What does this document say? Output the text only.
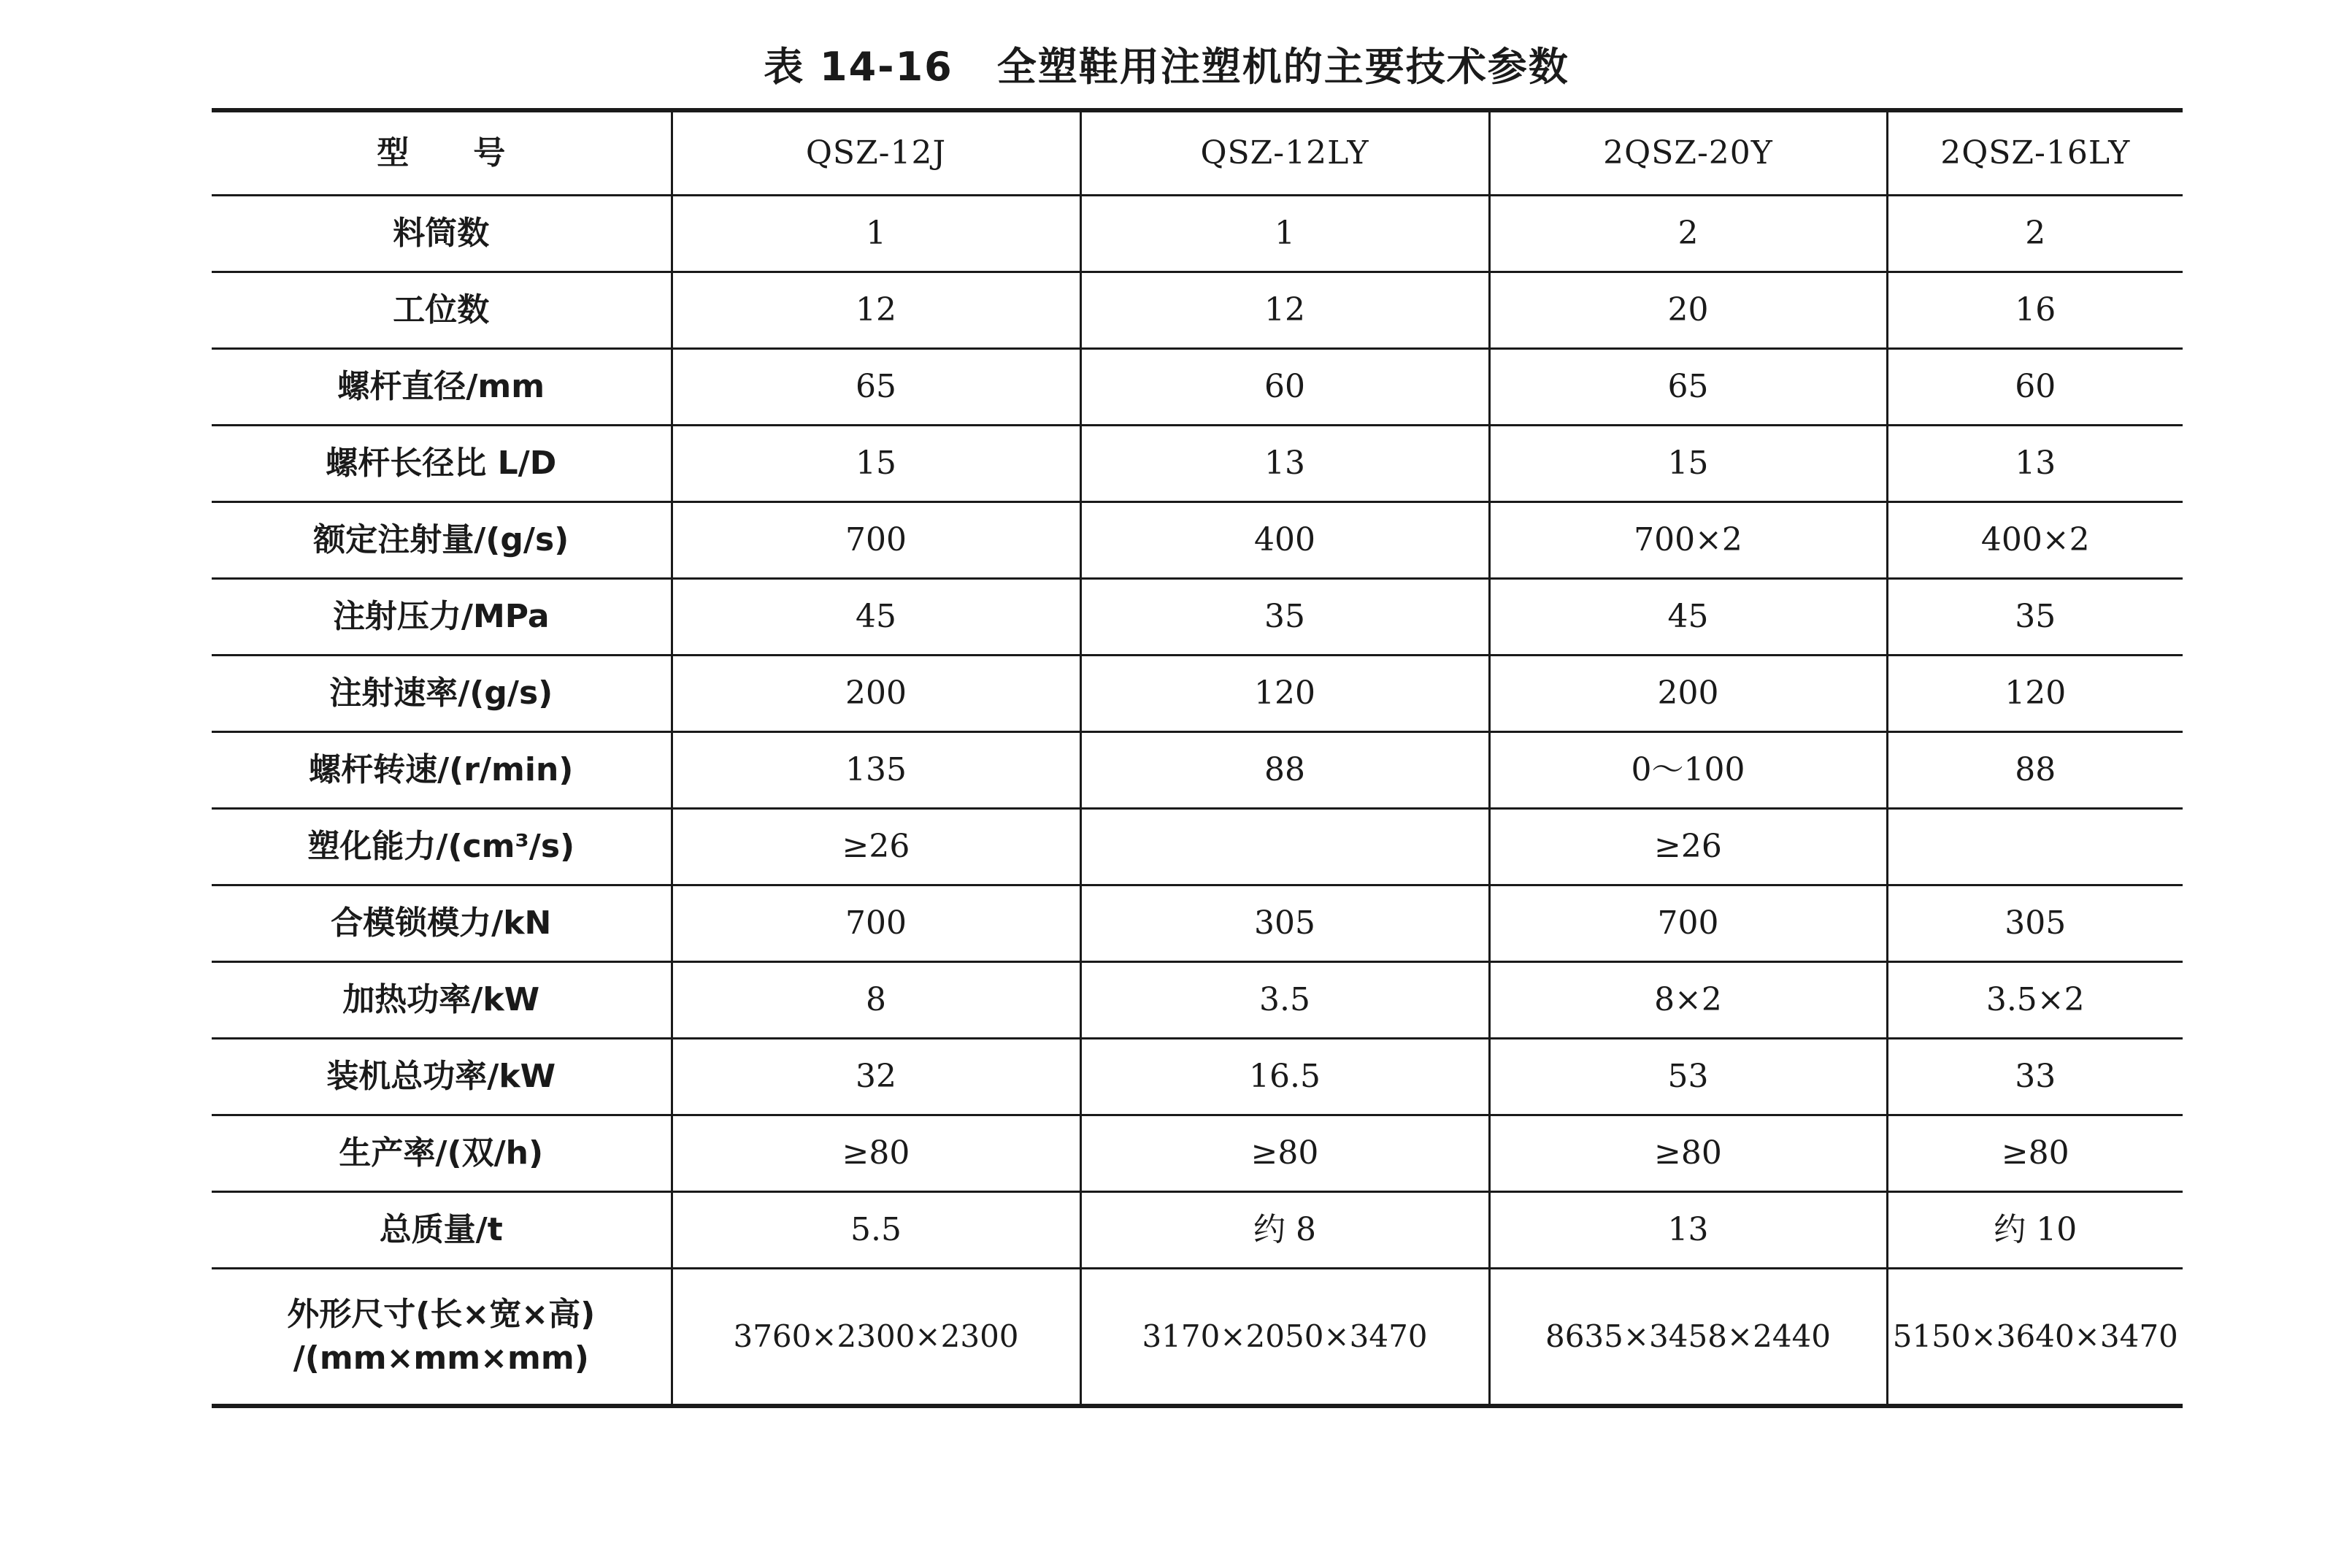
表 14-16 全塑鞋用注塑机的主要技术参数
型　　号	QSZ-12J	QSZ-12LY	2QSZ-20Y	2QSZ-16LY
料筒数	1	1	2	2
工位数	12	12	20	16
螺杆直径/mm	65	60	65	60
螺杆长径比 L/D	15	13	15	13
额定注射量/(g/s)	700	400	700×2	400×2
注射压力/MPa	45	35	45	35
注射速率/(g/s)	200	120	200	120
螺杆转速/(r/min)	135	88	0～100	88
塑化能力/(cm³/s)	≥26		≥26	
合模锁模力/kN	700	305	700	305
加热功率/kW	8	3.5	8×2	3.5×2
装机总功率/kW	32	16.5	53	33
生产率/(双/h)	≥80	≥80	≥80	≥80
总质量/t	5.5	约 8	13	约 10

外形尺寸(长×宽×高)
/(mm×mm×mm)	3760×2300×2300	3170×2050×3470	8635×3458×2440	5150×3640×3470
